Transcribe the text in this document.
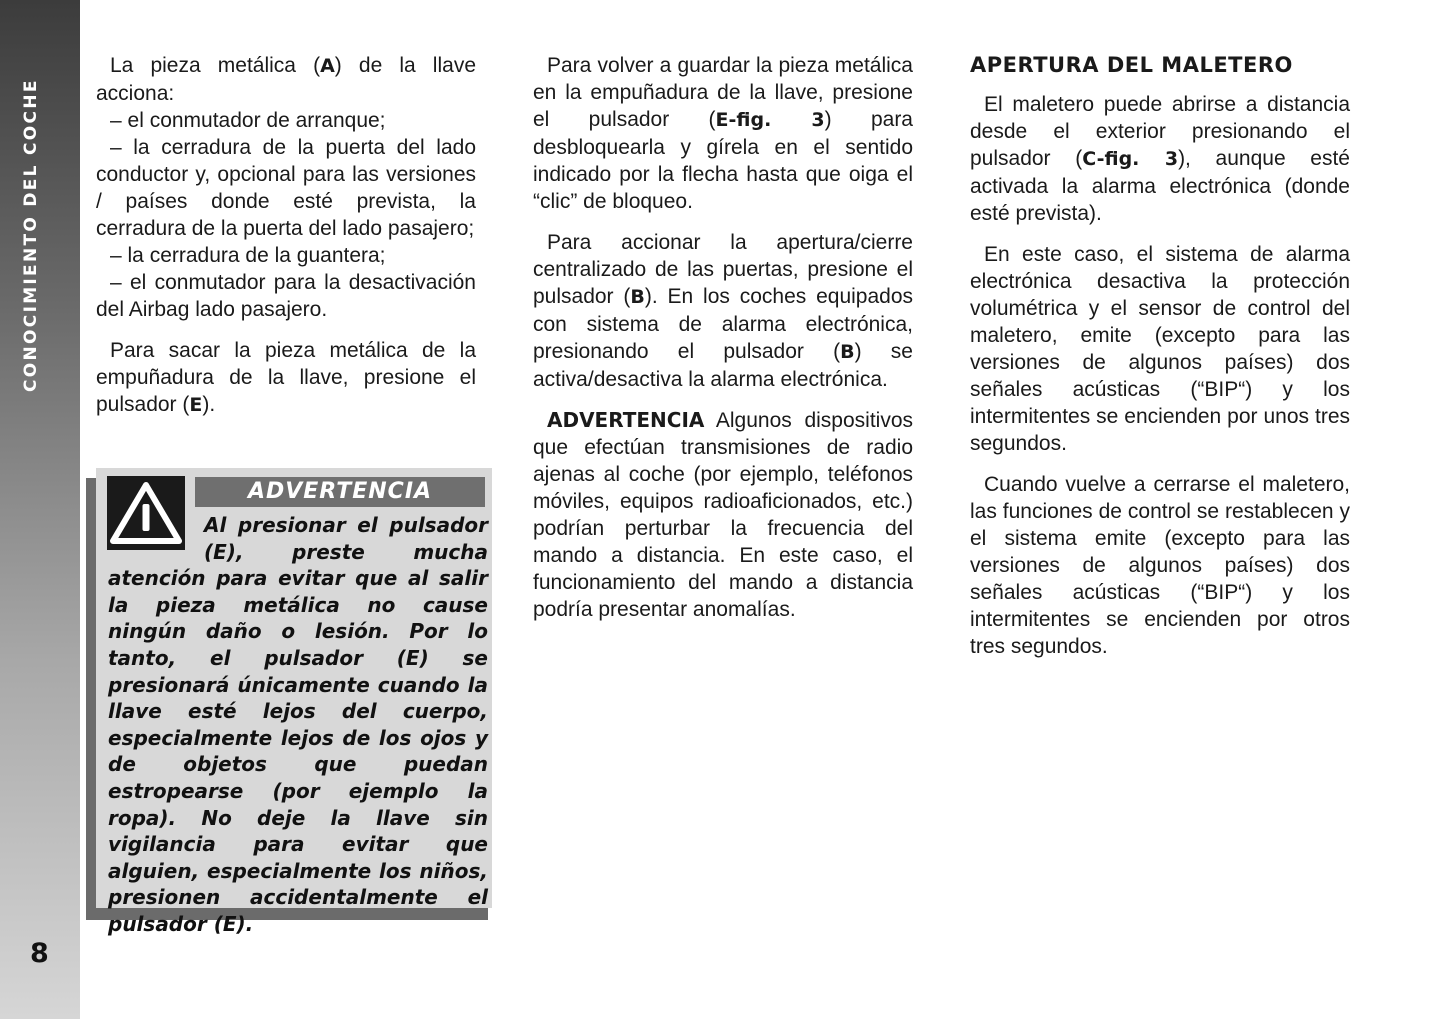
CONOCIMIENTO DEL COCHE
8

La pieza metálica (A) de la llave acciona:

– el conmutador de arranque;

– la cerradura de la puerta del lado conductor y, opcional para las versiones / países donde esté prevista, la cerradura de la puerta del lado pasajero;

– la cerradura de la guantera;

– el conmutador para la desactivación del Airbag lado pasajero.

Para sacar la pieza metálica de la empuñadura de la llave, presione el pulsador (E).

ADVERTENCIA
Al presionar el pulsador (E), preste mucha atención para evitar que al salir la pieza metálica no cause ningún daño o lesión. Por lo tanto, el pulsador (E) se presionará únicamente cuando la llave esté lejos del cuerpo, especialmente lejos de los ojos y de objetos que puedan estropearse (por ejemplo la ropa). No deje la llave sin vigilancia para evitar que alguien, especialmente los niños, presionen accidentalmente el pulsador (E).

Para volver a guardar la pieza metálica en la empuñadura de la llave, presione el pulsador (E-fig. 3) para desbloquearla y gírela en el sentido indicado por la flecha hasta que oiga el “clic” de bloqueo.

Para accionar la apertura/cierre centralizado de las puertas, presione el pulsador (B). En los coches equipados con sistema de alarma electrónica, presionando el pulsador (B) se activa/desactiva la alarma electrónica.

ADVERTENCIA Algunos dispositivos que efectúan transmisiones de radio ajenas al coche (por ejemplo, teléfonos móviles, equipos radioaficionados, etc.) podrían perturbar la frecuencia del mando a distancia. En este caso, el funcionamiento del mando a distancia podría presentar anomalías.

APERTURA DEL MALETERO

El maletero puede abrirse a distancia desde el exterior presionando el pulsador (C-fig. 3), aunque esté activada la alarma electrónica (donde esté prevista).

En este caso, el sistema de alarma electrónica desactiva la protección volumétrica y el sensor de control del maletero, emite (excepto para las versiones de algunos países) dos señales acústicas (“BIP“) y los intermitentes se encienden por unos tres segundos.

Cuando vuelve a cerrarse el maletero, las funciones de control se restablecen y el sistema emite (excepto para las versiones de algunos países) dos señales acústicas (“BIP“) y los intermitentes se encienden por otros tres segundos.
